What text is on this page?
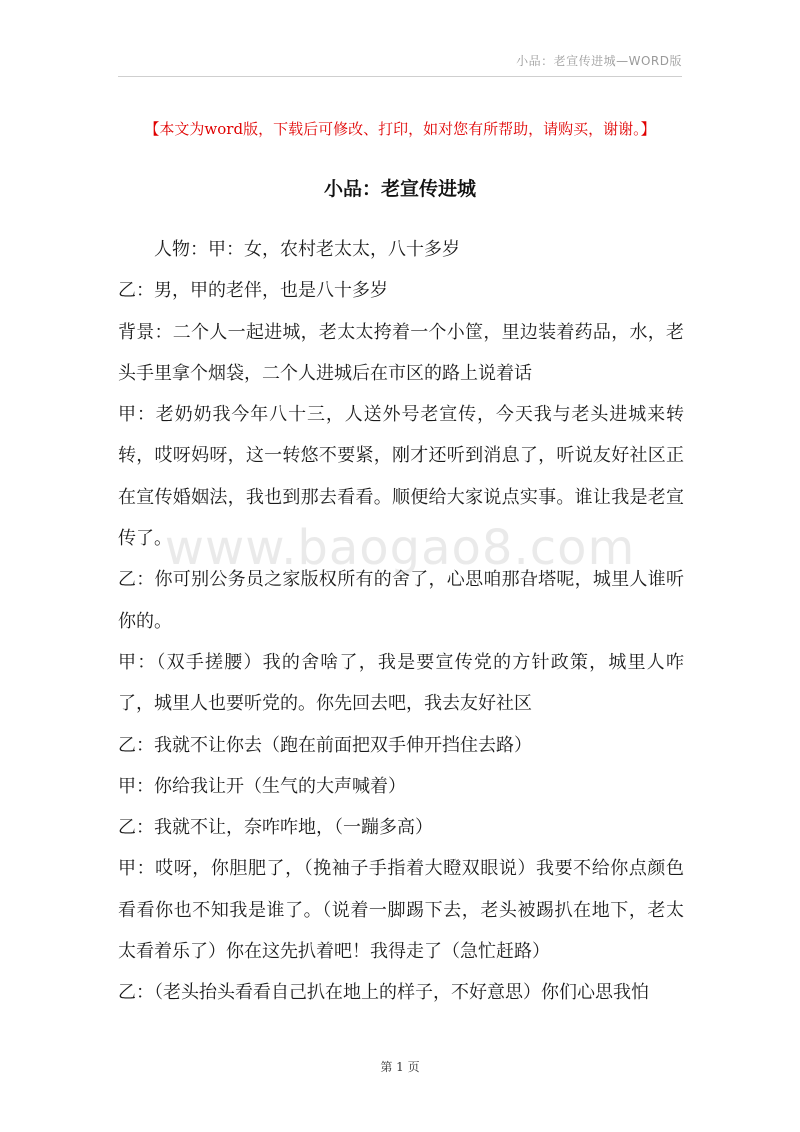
小品：老宣传进城—WORD版
【本文为word版，下载后可修改、打印，如对您有所帮助，请购买，谢谢。】
小品：老宣传进城

人物：甲：女，农村老太太，八十多岁

乙：男，甲的老伴，也是八十多岁

背景：二个人一起进城，老太太挎着一个小筐，里边装着药品，水，老头手里拿个烟袋，二个人进城后在市区的路上说着话

甲：老奶奶我今年八十三，人送外号老宣传，今天我与老头进城来转转，哎呀妈呀，这一转悠不要紧，刚才还听到消息了，听说友好社区正在宣传婚姻法，我也到那去看看。顺便给大家说点实事。谁让我是老宣传了。

乙：你可别公务员之家版权所有的舍了，心思咱那旮塔呢，城里人谁听你的。

甲：（双手搓腰）我的舍啥了，我是要宣传党的方针政策，城里人咋了，城里人也要听党的。你先回去吧，我去友好社区

乙：我就不让你去（跑在前面把双手伸开挡住去路）

甲：你给我让开（生气的大声喊着）

乙：我就不让，奈咋咋地，（一蹦多高）

甲：哎呀，你胆肥了，（挽袖子手指着大瞪双眼说）我要不给你点颜色看看你也不知我是谁了。（说着一脚踢下去，老头被踢扒在地下，老太太看着乐了）你在这先扒着吧！我得走了（急忙赶路）

乙：（老头抬头看看自己扒在地上的样子，不好意思）你们心思我怕

www.baogao8.com
第 1 页
